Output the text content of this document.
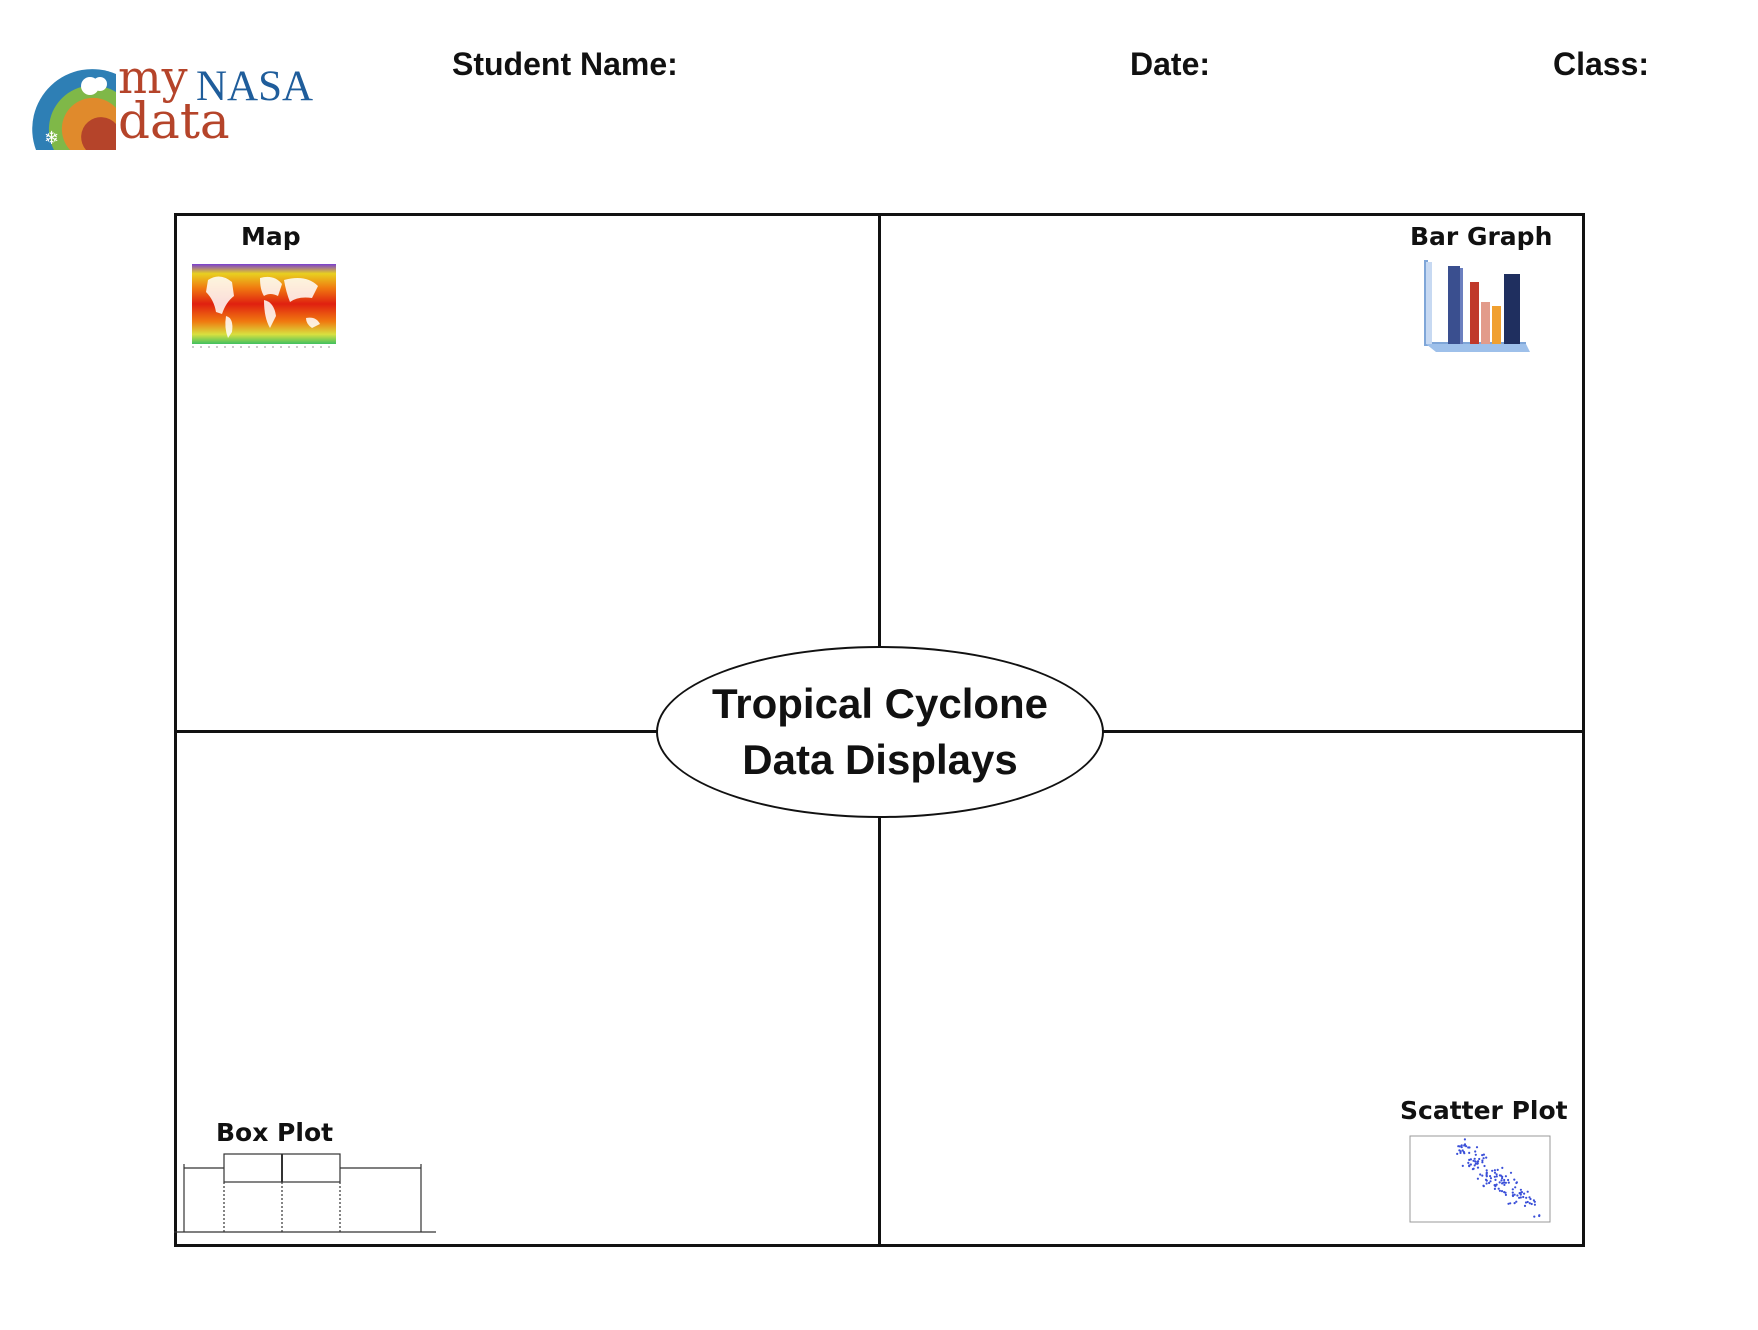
❄
my NASA
data
Student Name:	Date:	Class:
Map	Bar Graph
Box Plot
Scatter Plot
Tropical Cyclone
Data Displays
